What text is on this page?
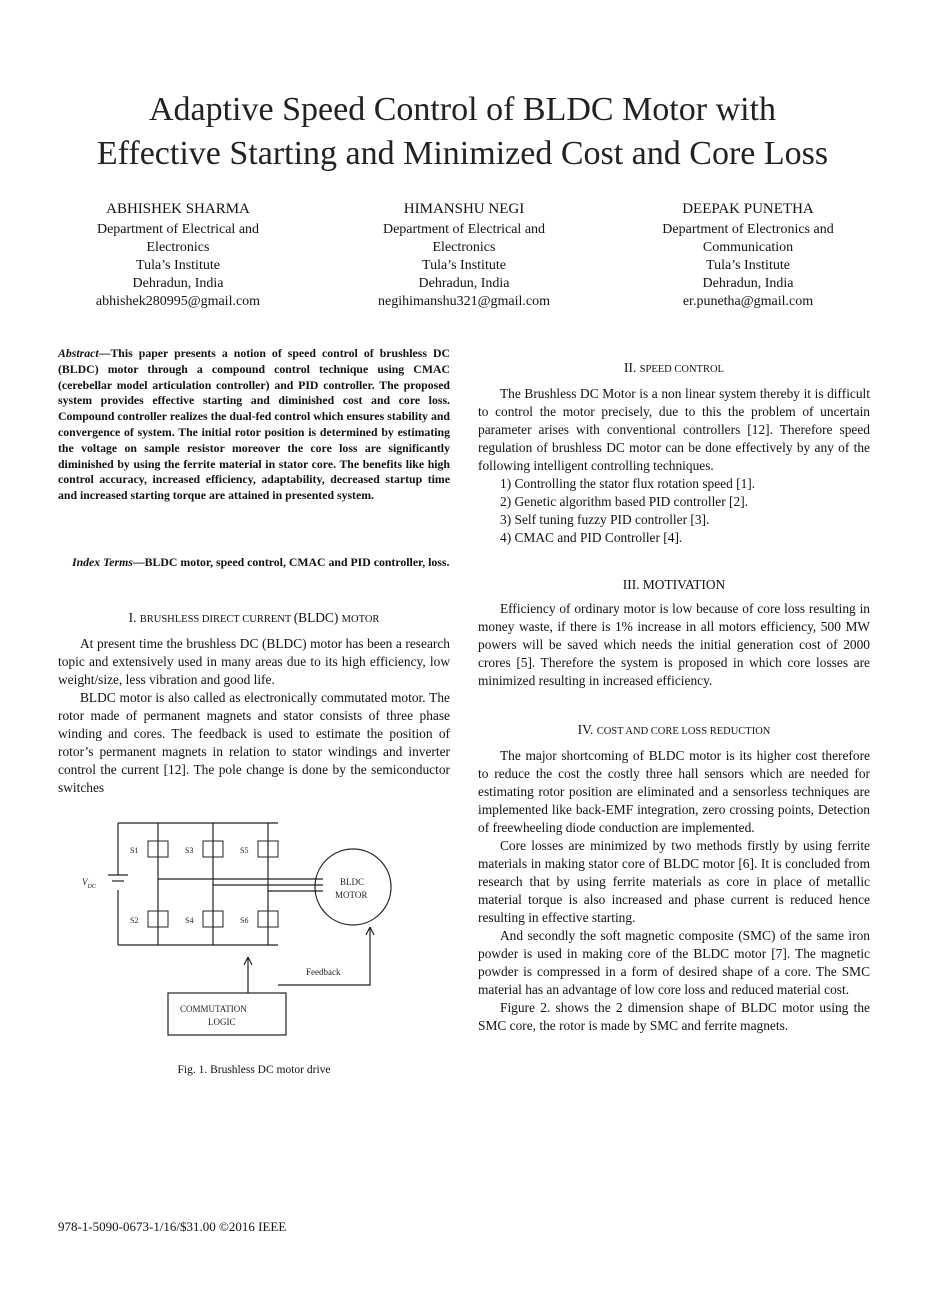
Adaptive Speed Control of BLDC Motor with
Effective Starting and Minimized Cost and Core Loss
ABHISHEK SHARMA
Department of Electrical and
Electronics
Tula’s Institute
Dehradun, India
abhishek280995@gmail.com
HIMANSHU NEGI
Department of Electrical and
Electronics
Tula’s Institute
Dehradun, India
negihimanshu321@gmail.com
DEEPAK PUNETHA
Department of Electronics and
Communication
Tula’s Institute
Dehradun, India
er.punetha@gmail.com
Abstract—This paper presents a notion of speed control of brushless DC (BLDC) motor through a compound control technique using CMAC (cerebellar model articulation controller) and PID controller. The proposed system provides effective starting and diminished cost and core loss. Compound controller realizes the dual-fed control which ensures stability and convergence of system. The initial rotor position is determined by estimating the voltage on sample resistor moreover the core loss are significantly diminished by using the ferrite material in stator core. The benefits like high control accuracy, increased efficiency, adaptability, decreased startup time and increased starting torque are attained in presented system.
Index Terms—BLDC motor, speed control, CMAC and PID controller, loss.

I. BRUSHLESS DIRECT CURRENT (BLDC) MOTOR

At present time the brushless DC (BLDC) motor has been a research topic and extensively used in many areas due to its high efficiency, low weight/size, less vibration and good life.

BLDC motor is also called as electronically commutated motor. The rotor made of permanent magnets and stator consists of three phase winding and cores. The feedback is used to estimate the position of rotor’s permanent magnets in relation to stator windings and inverter control the current [12]. The pole change is done by the semiconductor switches

$V_{DC}$
S1	S3	S5
S2	S4	S6
BLDC
MOTOR
Feedback
COMMUTATION
LOGIC
Fig. 1. Brushless DC motor drive

II. SPEED CONTROL

The Brushless DC Motor is a non linear system thereby it is difficult to control the motor precisely, due to this the problem of uncertain parameter arises with conventional controllers [12]. Therefore speed regulation of brushless DC motor can be done effectively by any of the following intelligent controlling techniques.

1) Controlling the stator flux rotation speed [1].
2) Genetic algorithm based PID controller [2].
3) Self tuning fuzzy PID controller [3].
4) CMAC and PID Controller [4].

III. MOTIVATION

Efficiency of ordinary motor is low because of core loss resulting in money waste, if there is 1% increase in all motors efficiency, 500 MW powers will be saved which needs the initial generation cost of 2000 crores [5]. Therefore the system is proposed in which core losses are minimized resulting in increased efficiency.

IV. COST AND CORE LOSS REDUCTION

The major shortcoming of BLDC motor is its higher cost therefore to reduce the cost the costly three hall sensors which are needed for estimating rotor position are eliminated and a sensorless techniques are implemented like back-EMF integration, zero crossing points, Detection of freewheeling diode conduction are implemented.

Core losses are minimized by two methods firstly by using ferrite materials in making stator core of BLDC motor [6]. It is concluded from research that by using ferrite materials as core in place of metallic material torque is also increased and phase current is reduced hence resulting in effective starting.

And secondly the soft magnetic composite (SMC) of the same iron powder is used in making core of the BLDC motor [7]. The magnetic powder is compressed in a form of desired shape of a core. The SMC material has an advantage of low core loss and reduced material cost.

Figure 2. shows the 2 dimension shape of BLDC motor using the SMC core, the rotor is made by SMC and ferrite magnets.

978-1-5090-0673-1/16/$31.00 ©2016 IEEE
